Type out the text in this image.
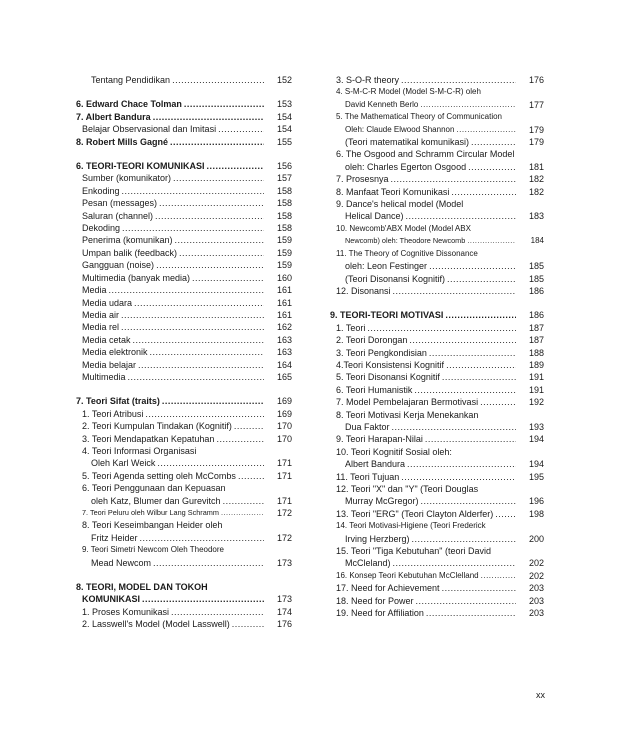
Tentang Pendidikan .....	152
6. Edward Chace Tolman .....	153
7. Albert Bandura .....	154
Belajar Observasional dan Imitasi .....	154
8. Robert Mills Gagné .....	155
6. TEORI-TEORI KOMUNIKASI .....	156
Sumber (komunikator) .....	157
Enkoding .....	158
Pesan (messages) .....	158
Saluran (channel) .....	158
Dekoding .....	158
Penerima (komunikan) .....	159
Umpan balik (feedback) .....	159
Gangguan (noise) .....	159
Multimedia (banyak media) .....	160
Media .....	161
Media udara .....	161
Media air .....	161
Media rel .....	162
Media cetak .....	163
Media elektronik .....	163
Media belajar .....	164
Multimedia .....	165
7. Teori Sifat (traits) .....	169
1. Teori Atribusi .....	169
2. Teori Kumpulan Tindakan (Kognitif) .....	170
3. Teori Mendapatkan Kepatuhan .....	170
4. Teori Informasi Organisasi
Oleh Karl Weick .....	171
5. Teori Agenda setting oleh McCombs .....	171
6. Teori Penggunaan dan Kepuasan
oleh Katz, Blumer dan Gurevitch .....	171
7. Teori Peluru oleh Wilbur Lang Schramm .....	172
8. Teori Keseimbangan Heider oleh
Fritz Heider .....	172
9. Teori Simetri Newcom Oleh Theodore
Mead Newcom .....	173
8. TEORI, MODEL DAN TOKOH
KOMUNIKASI .....	173
1. Proses Komunikasi .....	174
2. Lasswell's Model (Model Lasswell) .....	176
3. S-O-R theory .....	176
4. S-M-C-R Model (Model S-M-C-R) oleh
David Kenneth Berlo .....	177
5. The Mathematical Theory of Communication
Oleh: Claude Elwood Shannon .....	179
(Teori matematikal komunikasi) .....	179
6. The Osgood and Schramm Circular Model
oleh: Charles Egerton Osgood .....	181
7. Prosesnya .....	182
8. Manfaat Teori Komunikasi .....	182
9. Dance's helical model (Model
Helical Dance) .....	183
10. Newcomb'ABX Model (Model ABX
Newcomb) oleh: Theodore Newcomb .....	184
11. The Theory of Cognitive Dissonance
oleh: Leon Festinger .....	185
(Teori Disonansi Kognitif) .....	185
12. Disonansi .....	186
9. TEORI-TEORI MOTIVASI .....	186
1. Teori .....	187
2. Teori Dorongan .....	187
3. Teori Pengkondisian .....	188
4.Teori Konsistensi Kognitif .....	189
5. Teori Disonansi Kognitif .....	191
6. Teori Humanistik .....	191
7. Model Pembelajaran Bermotivasi .....	192
8. Teori Motivasi Kerja Menekankan
Dua Faktor .....	193
9. Teori Harapan-Nilai .....	194
10. Teori Kognitif Sosial oleh:
Albert Bandura .....	194
11. Teori Tujuan .....	195
12. Teori "X" dan "Y" (Teori Douglas
Murray McGregor) .....	196
13. Teori "ERG" (Teori Clayton Alderfer) .....	198
14. Teori Motivasi-Higiene (Teori Frederick
Irving Herzberg) .....	200
15. Teori "Tiga Kebutuhan" (teori David
McCleland) .....	202
16. Konsep Teori Kebutuhan McClelland .....	202
17. Need for Achievement .....	203
18. Need for Power .....	203
19. Need for Affiliation .....	203
xx
